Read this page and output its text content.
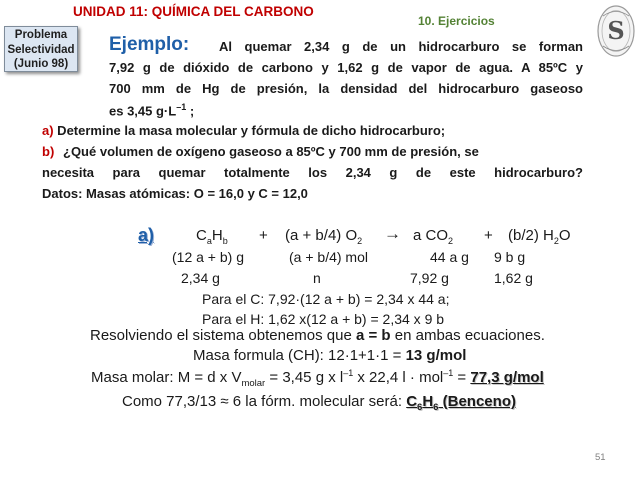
UNIDAD 11: QUÍMICA DEL CARBONO
10. Ejercicios	S
Problema
Selectividad
(Junio 98)
Ejemplo: Al quemar 2,34 g de un hidrocarburo se forman
7,92 g de dióxido de carbono y 1,62 g de vapor de agua. A 85ºC y
700 mm de Hg de presión, la densidad del hidrocarburo gaseoso
es 3,45 $g\cdot L^{-1}$ ;
a) Determine la masa molecular y fórmula de dicho hidrocarburo;
b) ¿Qué volumen de oxígeno gaseoso a 85ºC y 700 mm de presión, se
necesita para quemar totalmente los 2,34 g de este hidrocarburo?
Datos: Masas atómicas: O = 16,0 y C = 12,0
a)	$C_aH_b + (a + b/4) O_2 \to a$ $CO_2 + (b/2)$ $H_2O$
(12 a + b) g	(a + b/4) mol	44 a g 9 b g
2,34 g	n	7,92 g	1,62 g
Para el C: 7,92·(12 a + b) = 2,34 x 44 a;
Para el H: 1,62 x(12 a + b) = 2,34 x 9 b
Resolviendo el sistema obtenemos que a = b en ambas ecuaciones.
Masa formula (CH): 12·1+1·1 = 13 g/mol
Masa molar: M = d x $V_{molar} = 3,45$ g x $l^{-1}$ x 22,4 l · mol$^{-1}$ = 77,3 g/mol
Como 77,3/13 ≈ 6 la fórm. molecular será: $C_6H_6$ (Benceno)
51
